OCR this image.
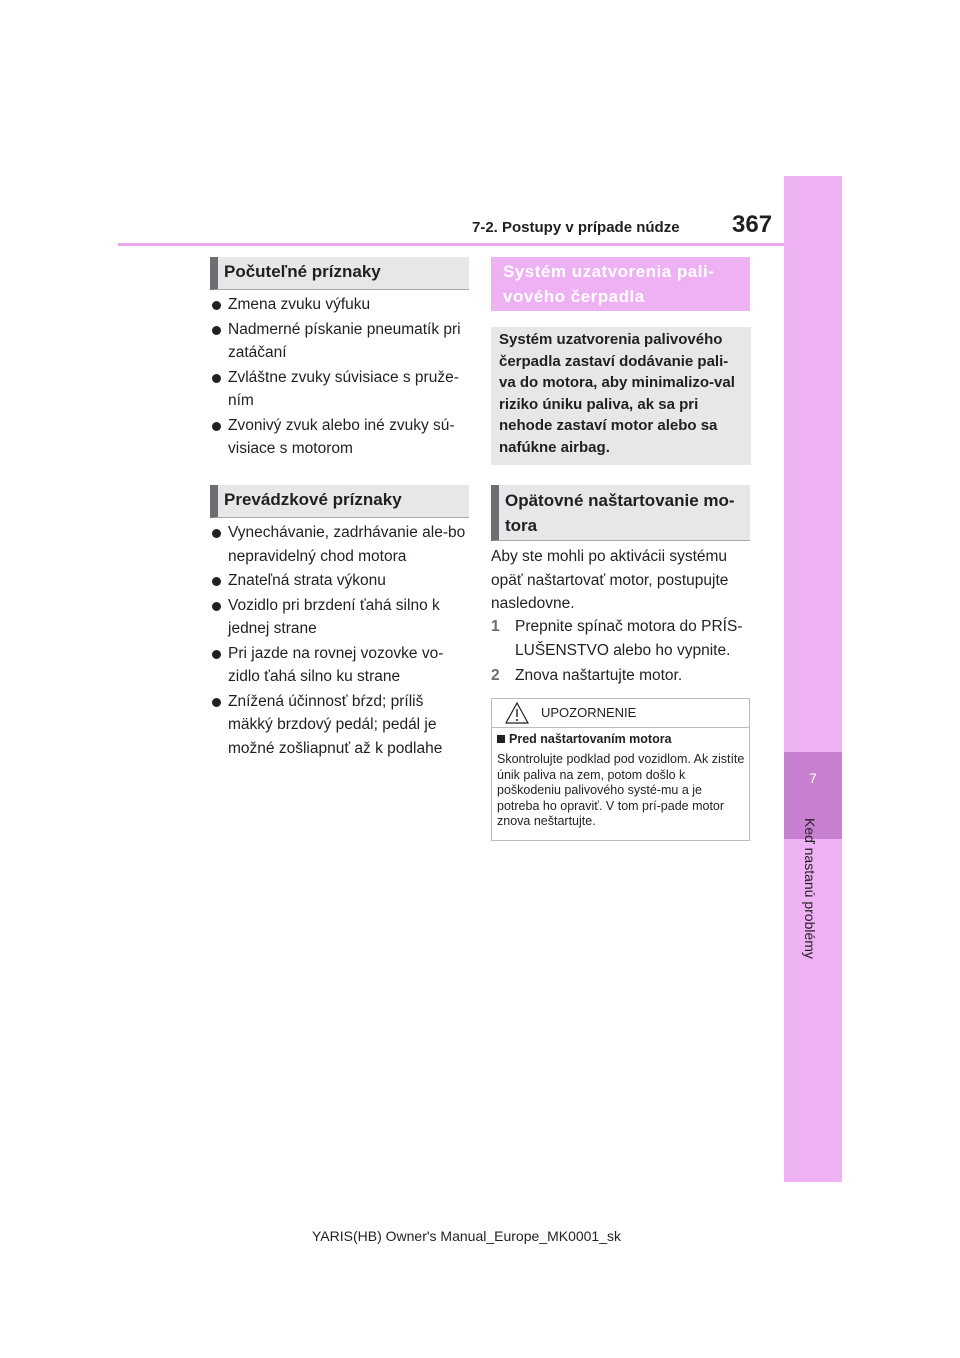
7-2. Postupy v prípade núdze 367
7
Keď nastanú problémy
Počuteľné príznaky
Zmena zvuku výfuku
Nadmerné pískanie pneumatík pri zatáčaní
Zvláštne zvuky súvisiace s pruže-ním
Zvonivý zvuk alebo iné zvuky sú-visiace s motorom
Prevádzkové príznaky
Vynechávanie, zadrhávanie ale-bo nepravidelný chod motora
Znateľná strata výkonu
Vozidlo pri brzdení ťahá silno k jednej strane
Pri jazde na rovnej vozovke vo-zidlo ťahá silno ku strane
Znížená účinnosť bŕzd; príliš mäkký brzdový pedál; pedál je možné zošliapnuť až k podlahe
Systém uzatvorenia pali-vového čerpadla
Systém uzatvorenia palivového čerpadla zastaví dodávanie pali-va do motora, aby minimalizo-val riziko úniku paliva, ak sa pri nehode zastaví motor alebo sa nafúkne airbag.
Opätovné naštartovanie mo-tora
Aby ste mohli po aktivácii systému opäť naštartovať motor, postupujte nasledovne.
1 Prepnite spínač motora do PRÍS-LUŠENSTVO alebo ho vypnite.
2 Znova naštartujte motor.
UPOZORNENIE
Pred naštartovaním motora
Skontrolujte podklad pod vozidlom. Ak zistíte únik paliva na zem, potom došlo k poškodeniu palivového systé-mu a je potreba ho opraviť. V tom prí-pade motor znova neštartujte.
YARIS(HB) Owner's Manual_Europe_MK0001_sk
